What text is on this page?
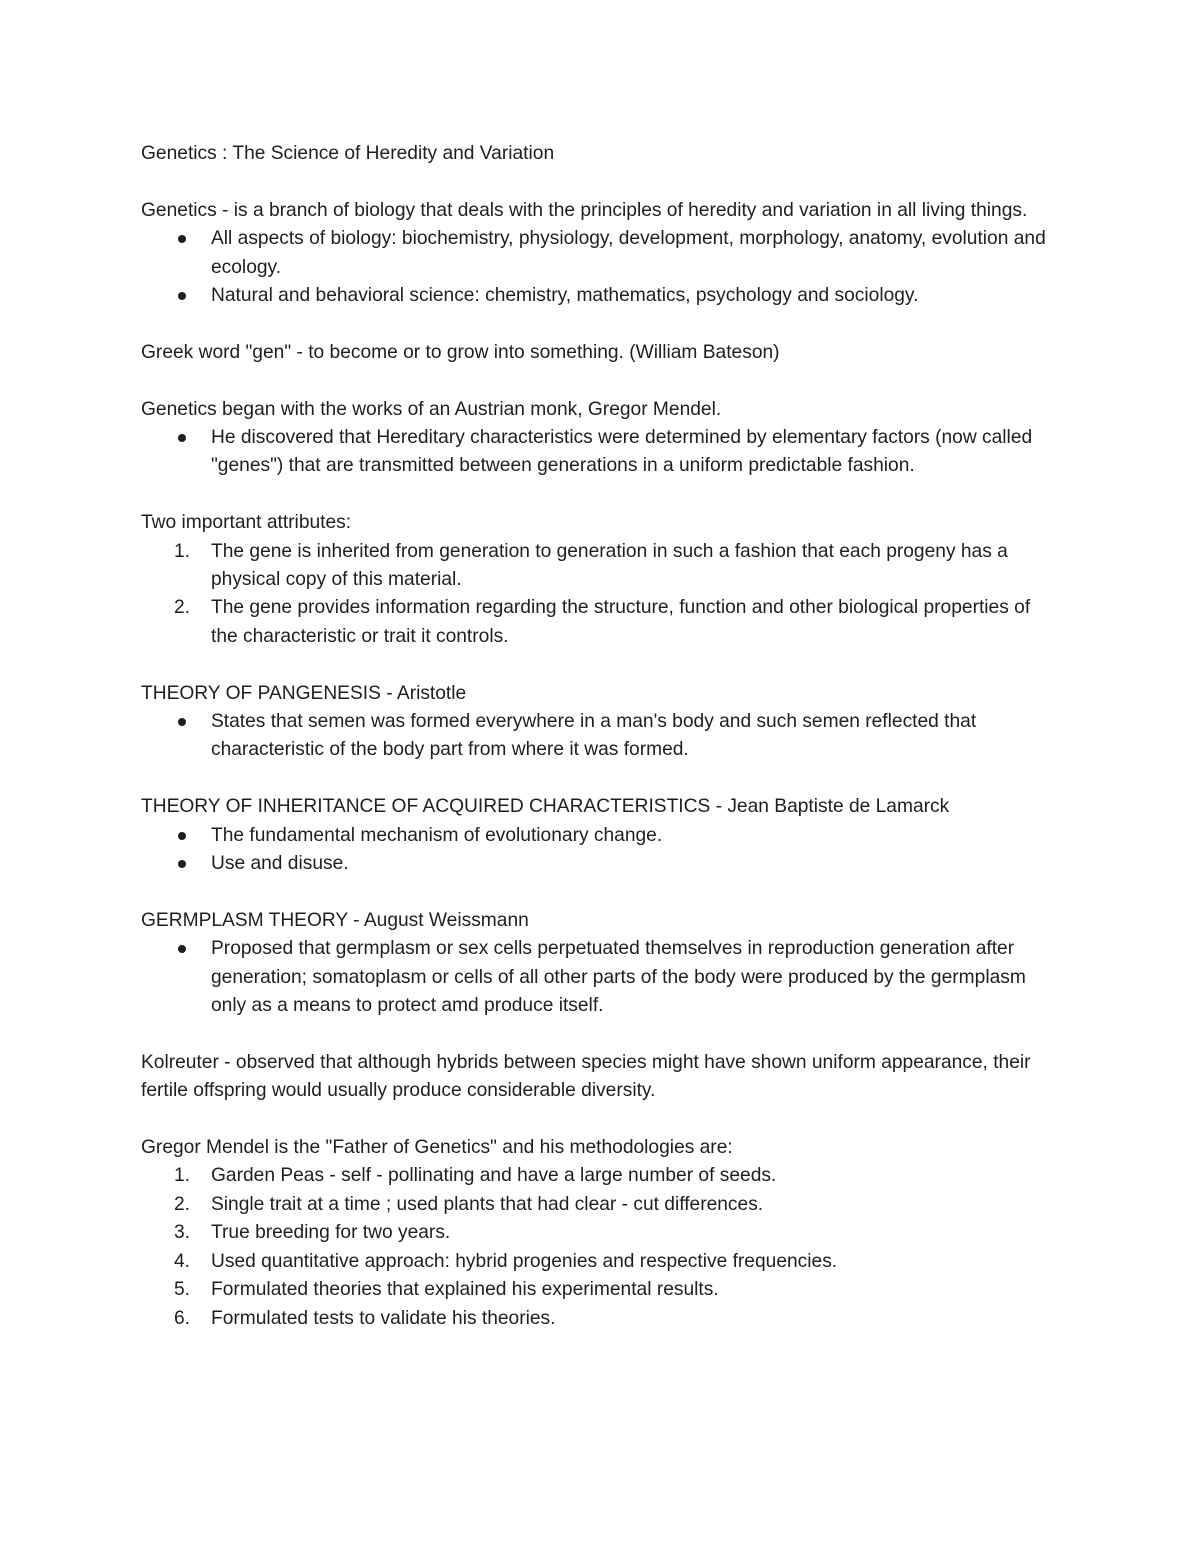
Genetics : The Science of Heredity and Variation

Genetics - is a branch of biology that deals with the principles of heredity and variation in all living things.

All aspects of biology: biochemistry, physiology, development, morphology, anatomy, evolution and ecology.
Natural and behavioral science: chemistry, mathematics, psychology and sociology.

Greek word "gen" - to become or to grow into something. (William Bateson)

Genetics began with the works of an Austrian monk, Gregor Mendel.

He discovered that Hereditary characteristics were determined by elementary factors (now called "genes") that are transmitted between generations in a uniform predictable fashion.

Two important attributes:

1.	The gene is inherited from generation to generation in such a fashion that each progeny has a physical copy of this material.
2.	The gene provides information regarding the structure, function and other biological properties of the characteristic or trait it controls.

THEORY OF PANGENESIS - Aristotle

States that semen was formed everywhere in a man's body and such semen reflected that characteristic of the body part from where it was formed.

THEORY OF INHERITANCE OF ACQUIRED CHARACTERISTICS - Jean Baptiste de Lamarck

The fundamental mechanism of evolutionary change.
Use and disuse.

GERMPLASM THEORY - August Weissmann

Proposed that germplasm or sex cells perpetuated themselves in reproduction generation after generation; somatoplasm or cells of all other parts of the body were produced by the germplasm only as a means to protect amd produce itself.

Kolreuter - observed that although hybrids between species might have shown uniform appearance, their fertile offspring would usually produce considerable diversity.

Gregor Mendel is the "Father of Genetics" and his methodologies are:

1.	Garden Peas - self - pollinating and have a large number of seeds.
2.	Single trait at a time ; used plants that had clear - cut differences.
3.	True breeding for two years.
4.	Used quantitative approach: hybrid progenies and respective frequencies.
5.	Formulated theories that explained his experimental results.
6.	Formulated tests to validate his theories.
